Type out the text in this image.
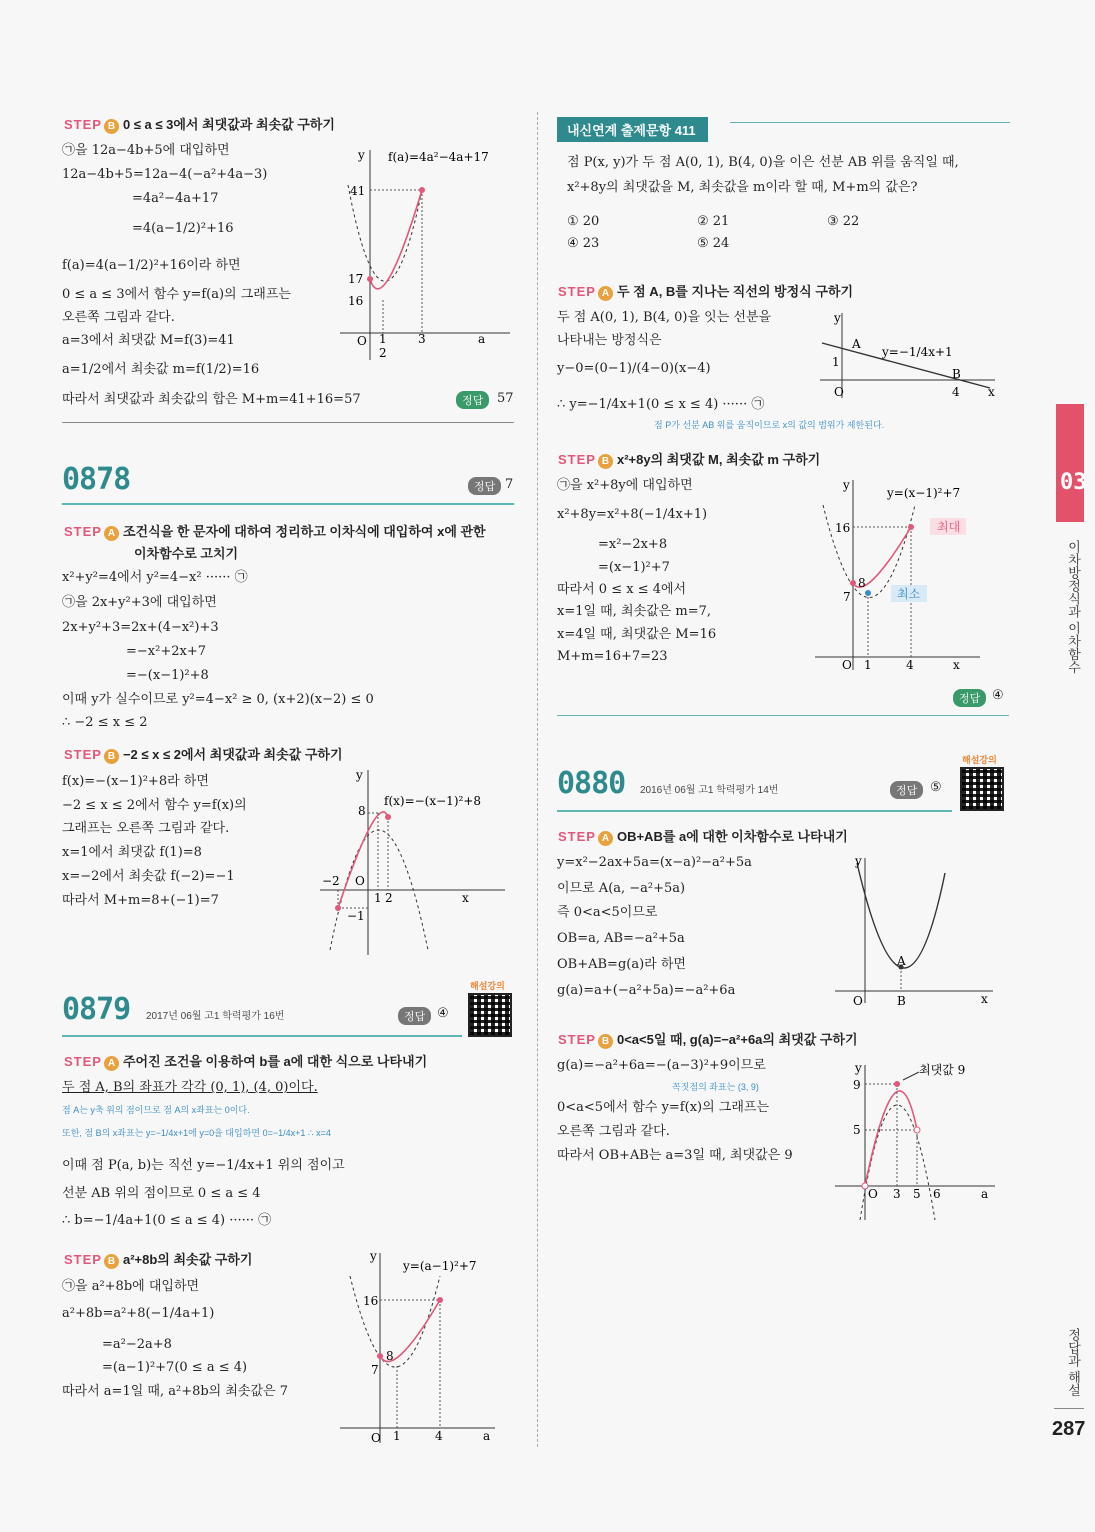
STEP B 0 ≤ a ≤ 3에서 최댓값과 최솟값 구하기
㉠을 12a−4b+5에 대입하면
12a−4b+5=12a−4(−a²+4a−3)
=4a²−4a+17
=4(a−1/2)²+16
f(a)=4(a−1/2)²+16이라 하면
0 ≤ a ≤ 3에서 함수 y=f(a)의 그래프는
오른쪽 그림과 같다.
a=3에서 최댓값 M=f(3)=41
a=1/2에서 최솟값 m=f(1/2)=16
따라서 최댓값과 최솟값의 합은 M+m=41+16=57	정답	57
y f(a)=4a²−4a+17
41
17
16
O 1
2
3	a
0878	정답 7
STEP A 조건식을 한 문자에 대하여 정리하고 이차식에 대입하여 x에 관한
이차함수로 고치기
x²+y²=4에서 y²=4−x² ······ ㉠
㉠을 2x+y²+3에 대입하면
2x+y²+3=2x+(4−x²)+3
=−x²+2x+7
=−(x−1)²+8
이때 y가 실수이므로 y²=4−x² ≥ 0, (x+2)(x−2) ≤ 0
∴ −2 ≤ x ≤ 2
STEP B −2 ≤ x ≤ 2에서 최댓값과 최솟값 구하기
f(x)=−(x−1)²+8라 하면
−2 ≤ x ≤ 2에서 함수 y=f(x)의
그래프는 오른쪽 그림과 같다.
x=1에서 최댓값 f(1)=8
x=−2에서 최솟값 f(−2)=−1
따라서 M+m=8+(−1)=7
y
8
f(x)=−(x−1)²+8
−2 O
1 2	x
−1
해설강의
0879 2017년 06월 고1 학력평가 16번	정답 ④
STEP A 주어진 조건을 이용하여 b를 a에 대한 식으로 나타내기
두 점 A, B의 좌표가 각각 (0, 1), (4, 0)이다.
점 A는 y축 위의 점이므로 점 A의 x좌표는 0이다.
또한, 점 B의 x좌표는 y=−1/4x+1에 y=0을 대입하면 0=−1/4x+1 ∴ x=4
이때 점 P(a, b)는 직선 y=−1/4x+1 위의 점이고
선분 AB 위의 점이므로 0 ≤ a ≤ 4
∴ b=−1/4a+1(0 ≤ a ≤ 4) ······ ㉠
STEP B a²+8b의 최솟값 구하기
㉠을 a²+8b에 대입하면
a²+8b=a²+8(−1/4a+1)
=a²−2a+8
=(a−1)²+7(0 ≤ a ≤ 4)
따라서 a=1일 때, a²+8b의 최솟값은 7
y
y=(a−1)²+7
16
8
7
O 1	4	a
내신연계 출제문항 411
점 P(x, y)가 두 점 A(0, 1), B(4, 0)을 이은 선분 AB 위를 움직일 때,
x²+8y의 최댓값을 M, 최솟값을 m이라 할 때, M+m의 값은?
① 20	② 21	③ 22
④ 23	⑤ 24
STEP A 두 점 A, B를 지나는 직선의 방정식 구하기
두 점 A(0, 1), B(4, 0)을 잇는 선분을
나타내는 방정식은
y−0=(0−1)/(4−0)(x−4)
∴ y=−1/4x+1(0 ≤ x ≤ 4) ······ ㉠
점 P가 선분 AB 위를 움직이므로 x의 값의 범위가 제한된다.
y
A
y=−1/4x+1
1
O
B
4 x
STEP B x²+8y의 최댓값 M, 최솟값 m 구하기
㉠을 x²+8y에 대입하면
x²+8y=x²+8(−1/4x+1)
=x²−2x+8
=(x−1)²+7
따라서 0 ≤ x ≤ 4에서
x=1일 때, 최솟값은 m=7,
x=4일 때, 최댓값은 M=16
M+m=16+7=23
최대
최소
y
y=(x−1)²+7
16
8
7
O 1	4	x
정답 ④
해설강의
0880 2016년 06월 고1 학력평가 14번	정답 ⑤
STEP A OB+AB를 a에 대한 이차함수로 나타내기
y=x²−2ax+5a=(x−a)²−a²+5a
이므로 A(a, −a²+5a)
즉 0<a<5이므로
OB=a, AB=−a²+5a
OB+AB=g(a)라 하면
g(a)=a+(−a²+5a)=−a²+6a
y
A
O	B	x
STEP B 0<a<5일 때, g(a)=−a²+6a의 최댓값 구하기
g(a)=−a²+6a=−(a−3)²+9이므로
꼭짓점의 좌표는 (3, 9)
0<a<5에서 함수 y=f(x)의 그래프는
오른쪽 그림과 같다.
따라서 OB+AB는 a=3일 때, 최댓값은 9
최댓값 9
y
9
5
O 3 5 6	a
03
이차방정식과 이차함수
정답과 해설
287
